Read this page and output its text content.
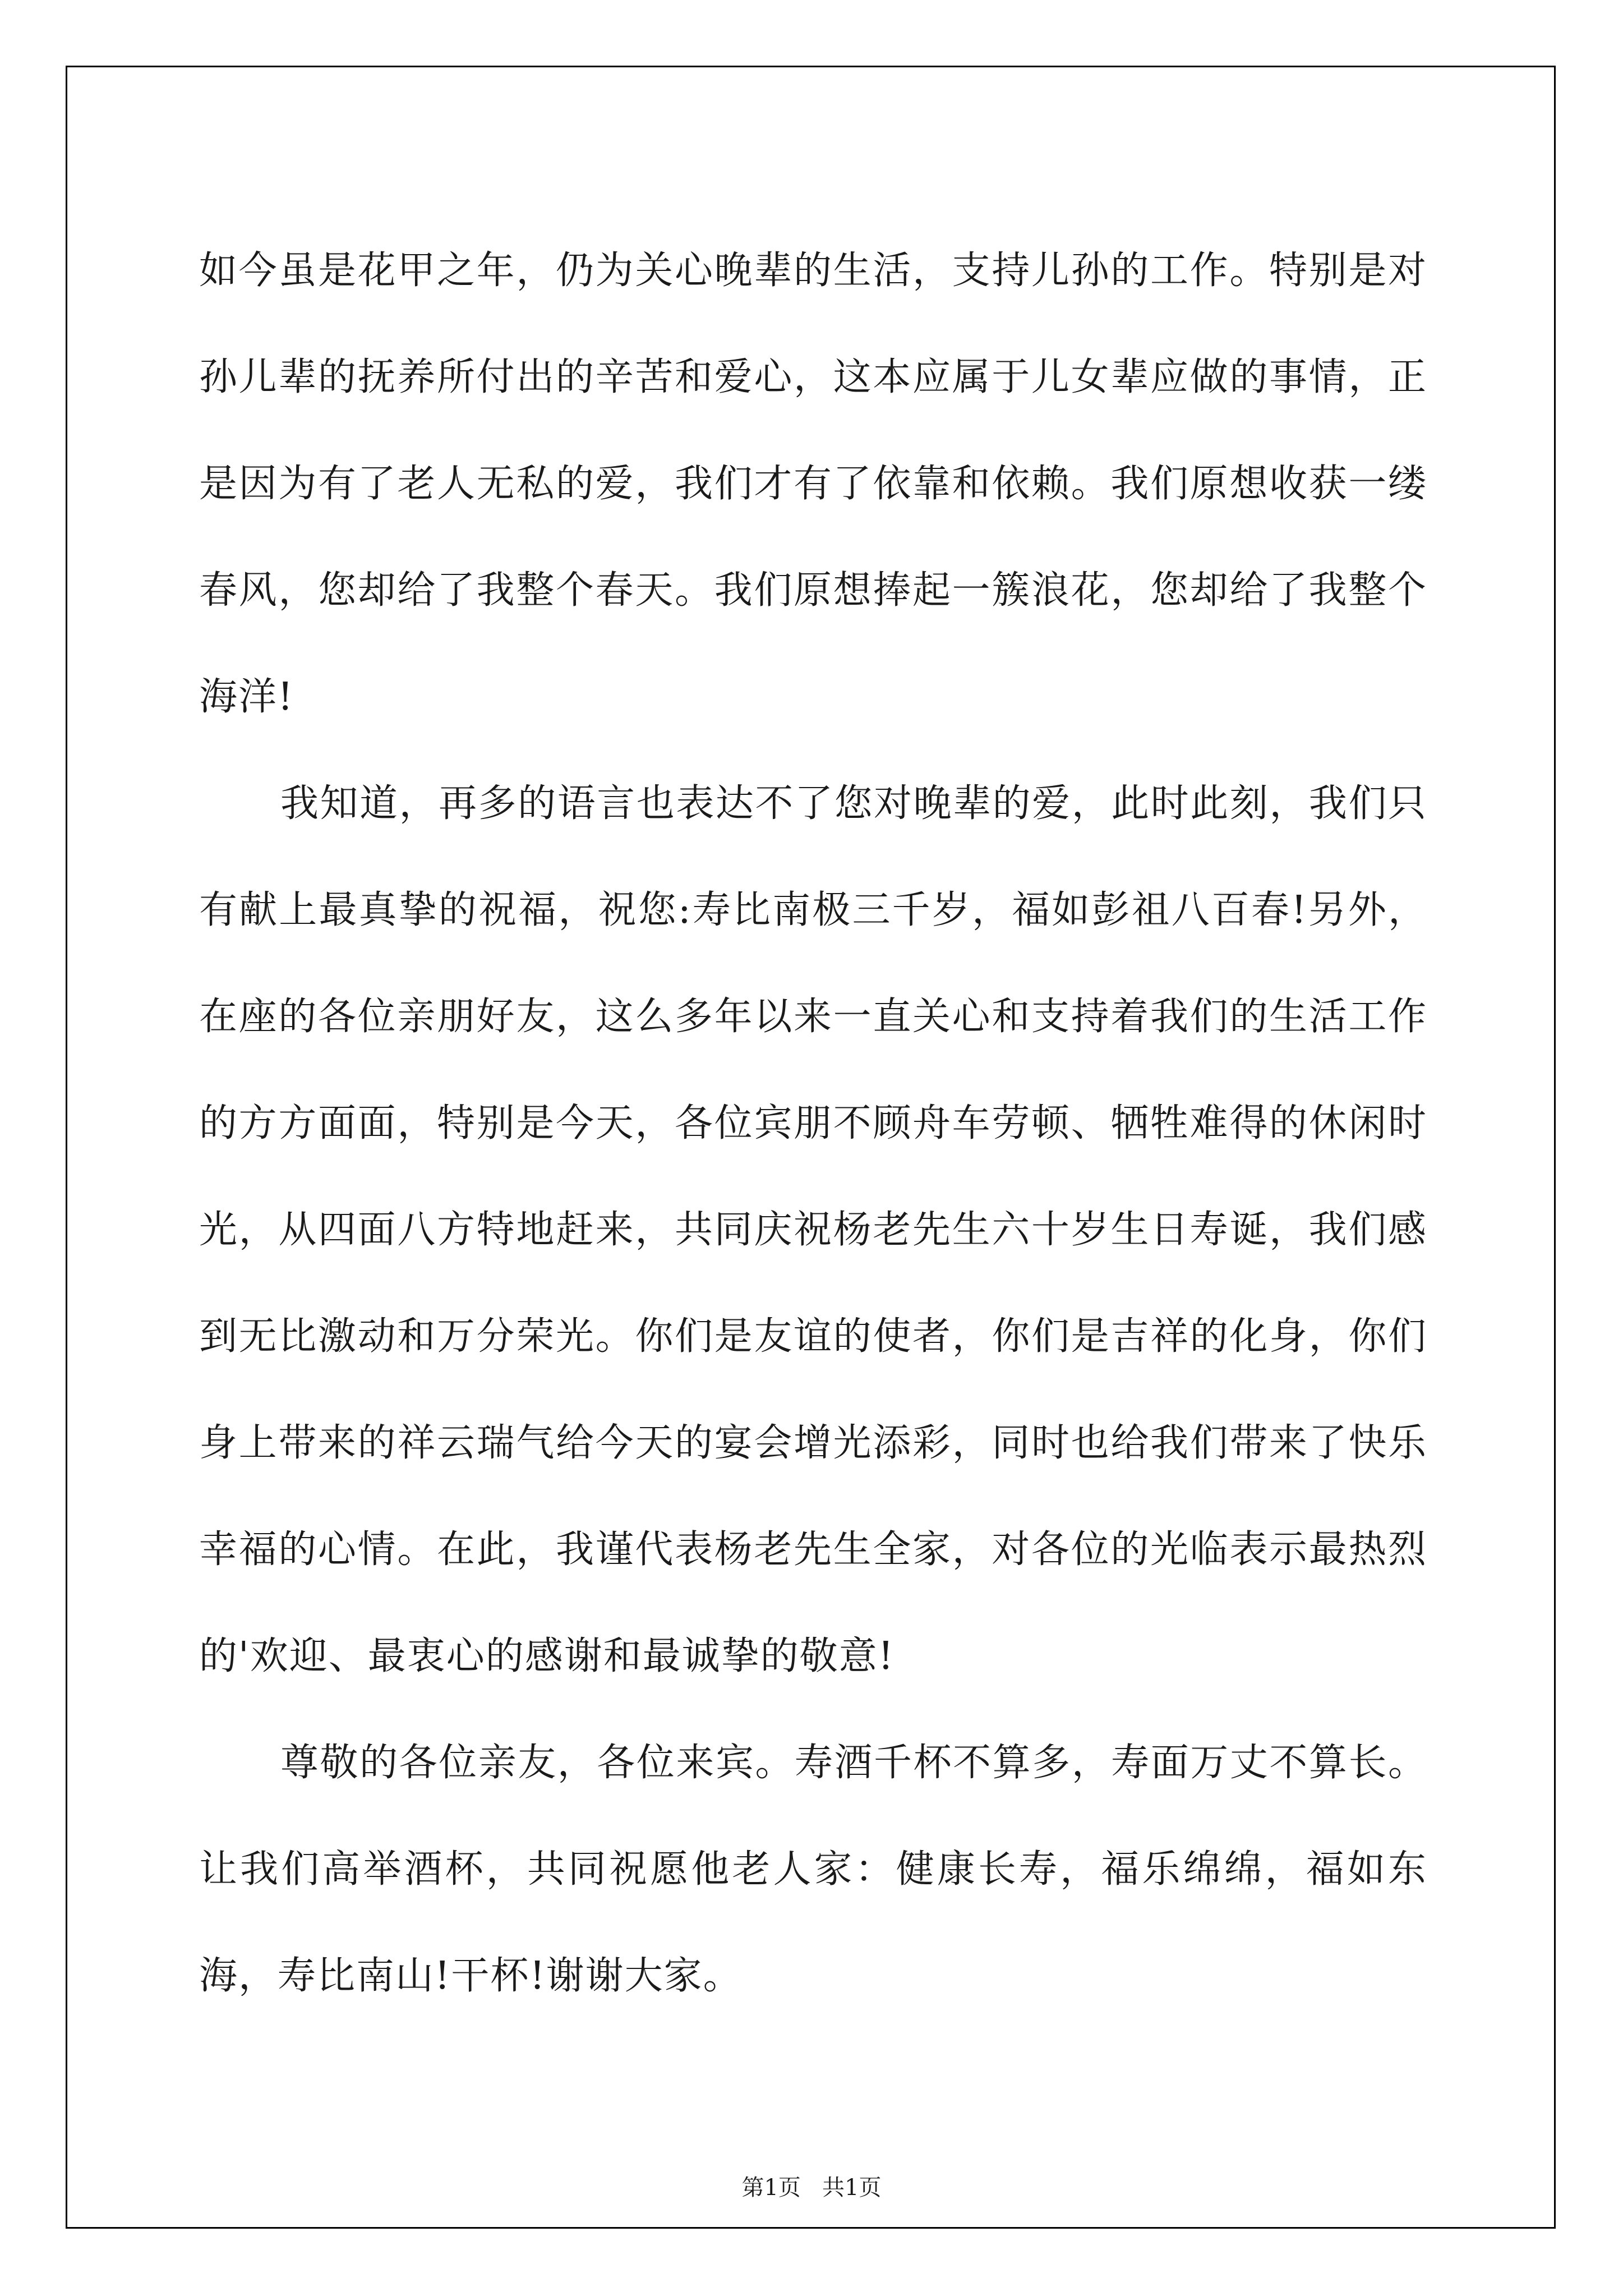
如今虽是花甲之年，仍为关心晚辈的生活，支持儿孙的工作。特别是对孙儿辈的抚养所付出的辛苦和爱心，这本应属于儿女辈应做的事情，正是因为有了老人无私的爱，我们才有了依靠和依赖。我们原想收获一缕春风，您却给了我整个春天。我们原想捧起一簇浪花，您却给了我整个海洋!

我知道，再多的语言也表达不了您对晚辈的爱，此时此刻，我们只有献上最真挚的祝福，祝您:寿比南极三千岁，福如彭祖八百春!另外，在座的各位亲朋好友，这么多年以来一直关心和支持着我们的生活工作的方方面面，特别是今天，各位宾朋不顾舟车劳顿、牺牲难得的休闲时光，从四面八方特地赶来，共同庆祝杨老先生六十岁生日寿诞，我们感到无比激动和万分荣光。你们是友谊的使者，你们是吉祥的化身，你们身上带来的祥云瑞气给今天的宴会增光添彩，同时也给我们带来了快乐幸福的心情。在此，我谨代表杨老先生全家，对各位的光临表示最热烈的'欢迎、最衷心的感谢和最诚挚的敬意!

尊敬的各位亲友，各位来宾。寿酒千杯不算多，寿面万丈不算长。让我们高举酒杯，共同祝愿他老人家：健康长寿，福乐绵绵，福如东海，寿比南山!干杯!谢谢大家。

第1页   共1页
